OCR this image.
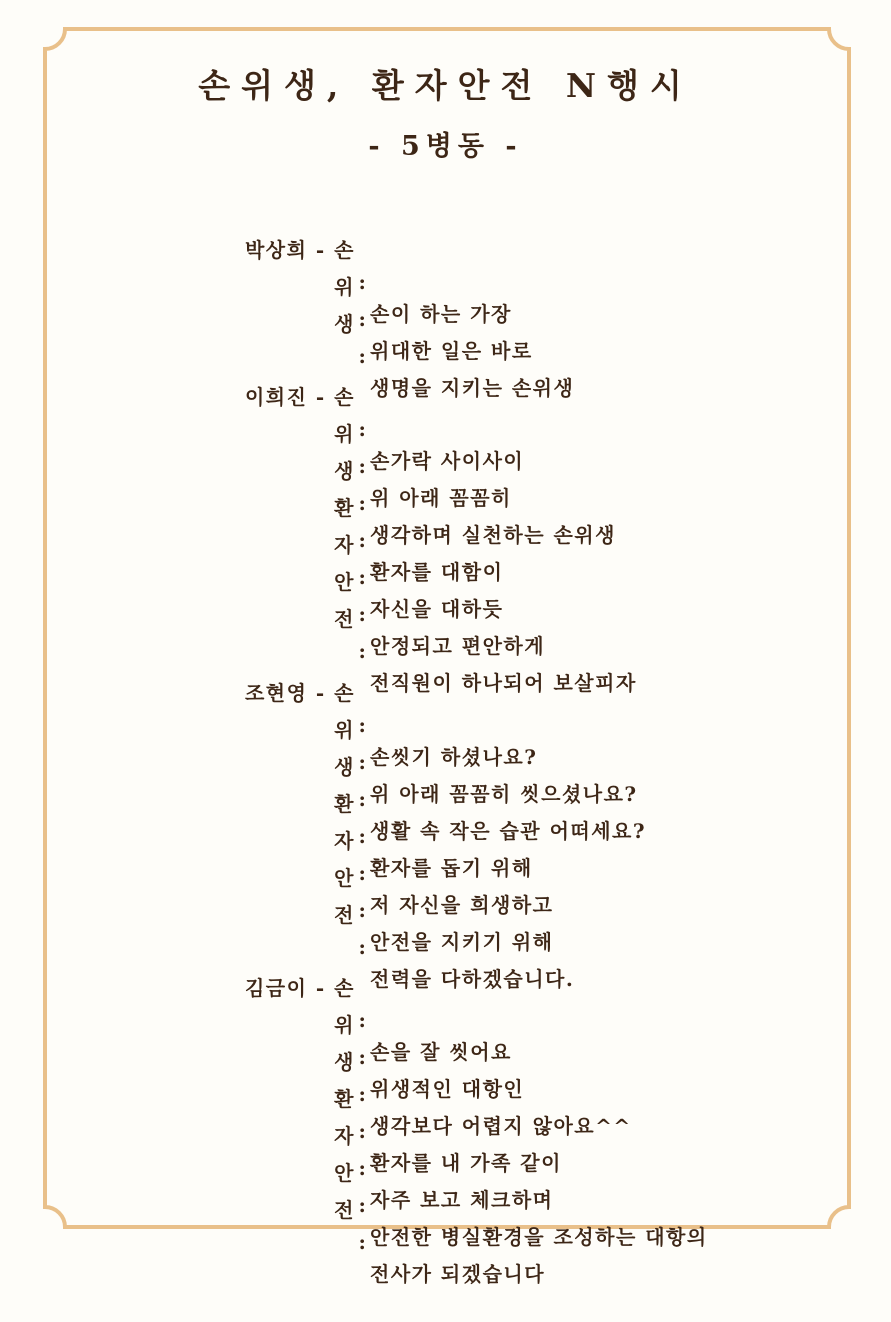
손위생, 환자안전 N행시
- 5병동 -

박상희 - 손

:

손이 하는 가장

위

:

위대한 일은 바로

생

:

생명을 지키는 손위생

이희진 - 손

:

손가락 사이사이

위

:

위 아래 꼼꼼히

생

:

생각하며 실천하는 손위생

환

:

환자를 대함이

자

:

자신을 대하듯

안

:

안정되고 편안하게

전

:

전직원이 하나되어 보살피자

조현영 - 손

:

손씻기 하셨나요?

위

:

위 아래 꼼꼼히 씻으셨나요?

생

:

생활 속 작은 습관 어떠세요?

환

:

환자를 돕기 위해

자

:

저 자신을 희생하고

안

:

안전을 지키기 위해

전

:

전력을 다하겠습니다.

김금이 - 손

:

손을 잘 씻어요

위

:

위생적인 대항인

생

:

생각보다 어렵지 않아요^^

환

:

환자를 내 가족 같이

자

:

자주 보고 체크하며

안

:

안전한 병실환경을 조성하는 대항의

전

:

전사가 되겠습니다
